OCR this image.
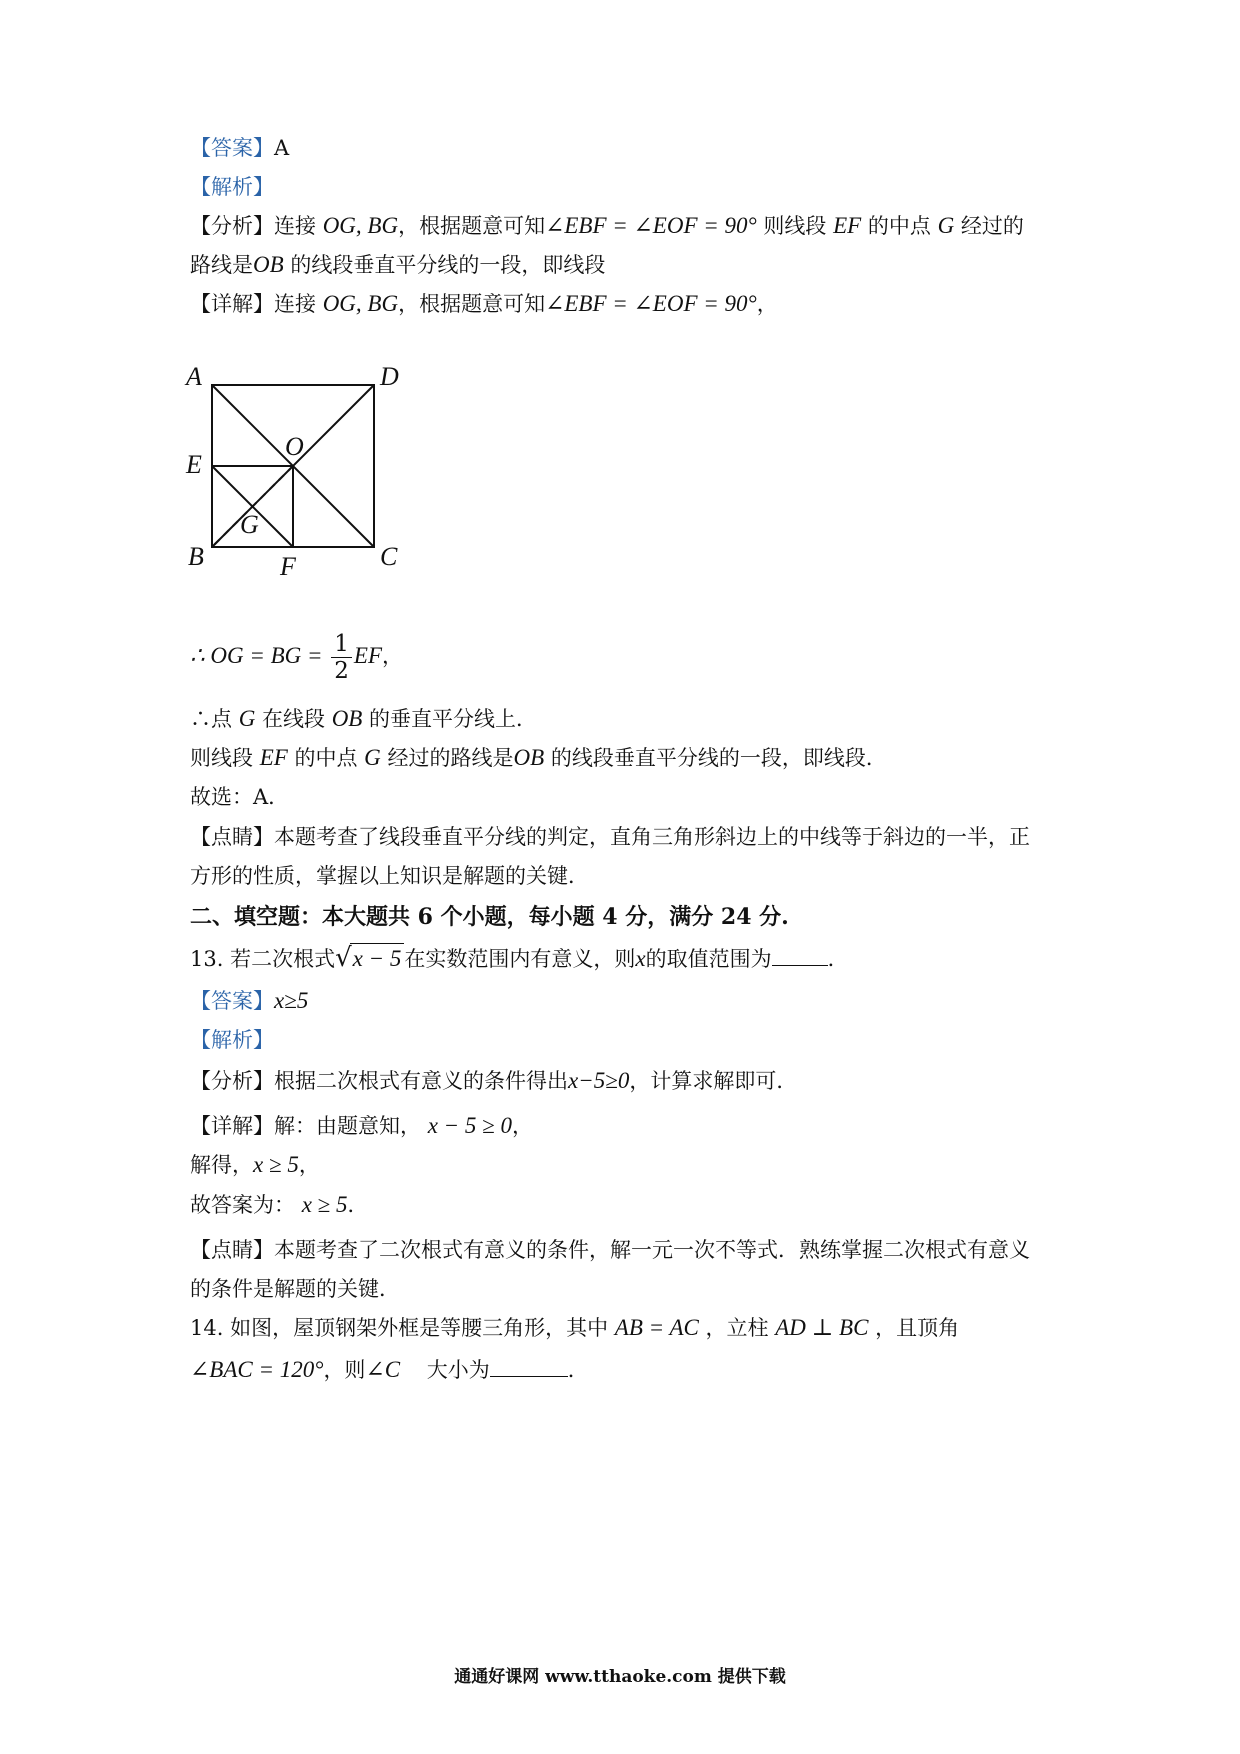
【答案】A
【解析】
【分析】连接 OG, BG，根据题意可知∠EBF = ∠EOF = 90° 则线段 EF 的中点 G 经过的
路线是OB 的线段垂直平分线的一段，即线段
【详解】连接 OG, BG，根据题意可知∠EBF = ∠EOF = 90°，
A	D
O
E
G
B	F	C
∴ OG = BG = $\frac{1}{2}$ EF，
∴点 G 在线段 OB 的垂直平分线上．
则线段 EF 的中点 G 经过的路线是OB 的线段垂直平分线的一段，即线段．
故选：A．
【点睛】本题考查了线段垂直平分线的判定，直角三角形斜边上的中线等于斜边的一半，正
方形的性质，掌握以上知识是解题的关键．
二、填空题：本大题共 6 个小题，每小题 4 分，满分 24 分.
13. 若二次根式√x − 5 在实数范围内有意义，则x的取值范围为	．
【答案】x≥5
【解析】
【分析】根据二次根式有意义的条件得出x−5≥0，计算求解即可．
【详解】解：由题意知， x − 5 ≥ 0，
解得，x ≥ 5，
故答案为： x ≥ 5．
【点睛】本题考查了二次根式有意义的条件，解一元一次不等式．熟练掌握二次根式有意义
的条件是解题的关键．
14. 如图，屋顶钢架外框是等腰三角形，其中 AB = AC ，立柱 AD ⊥ BC ，且顶角
∠BAC = 120°，则∠C 大小为	．
通通好课网 www.tthaoke.com 提供下载
